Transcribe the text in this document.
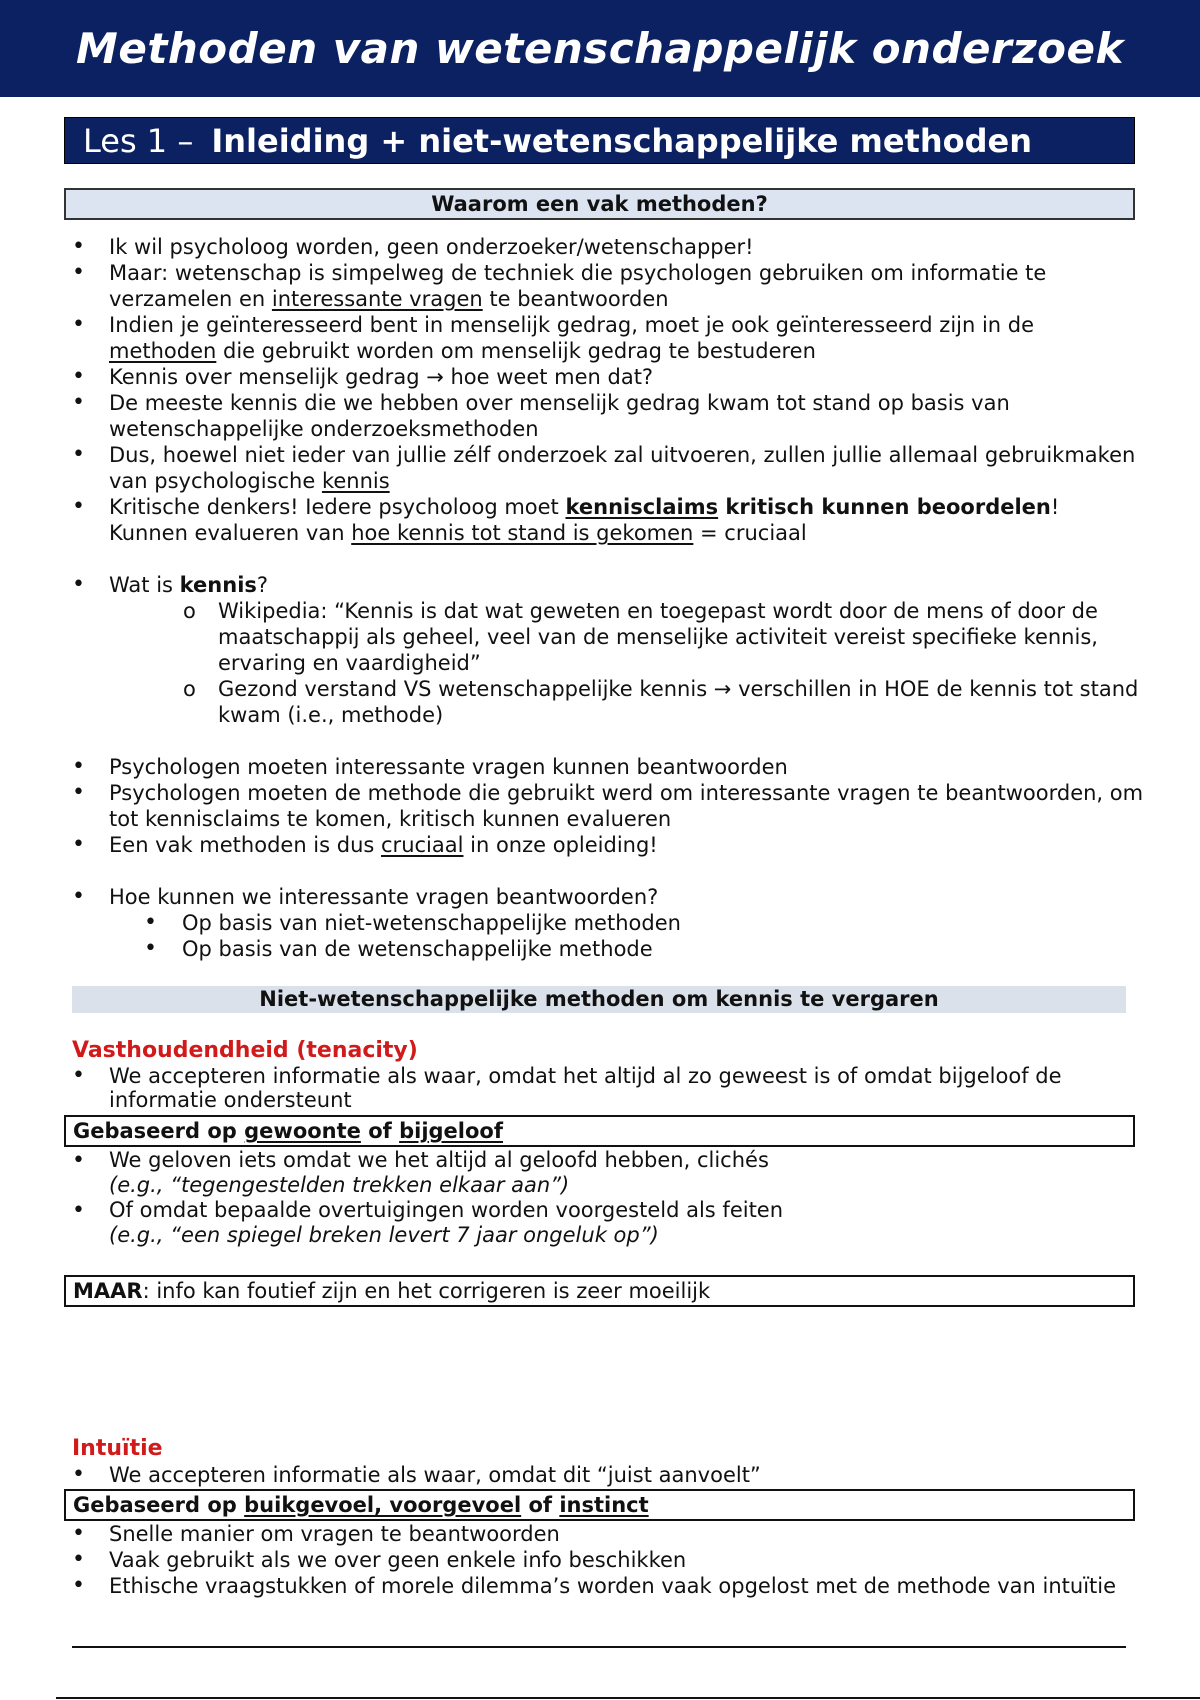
Methoden van wetenschappelijk onderzoek
Les 1 – Inleiding + niet-wetenschappelijke methoden
Waarom een vak methoden?
• Ik wil psycholoog worden, geen onderzoeker/wetenschapper!
• Maar: wetenschap is simpelweg de techniek die psychologen gebruiken om informatie te verzamelen en interessante vragen te beantwoorden
• Indien je geïnteresseerd bent in menselijk gedrag, moet je ook geïnteresseerd zijn in de methoden die gebruikt worden om menselijk gedrag te bestuderen
• Kennis over menselijk gedrag → hoe weet men dat?
• De meeste kennis die we hebben over menselijk gedrag kwam tot stand op basis van wetenschappelijke onderzoeksmethoden
• Dus, hoewel niet ieder van jullie zélf onderzoek zal uitvoeren, zullen jullie allemaal gebruikmaken van psychologische kennis
• Kritische denkers! Iedere psycholoog moet kennisclaims kritisch kunnen beoordelen!
Kunnen evalueren van hoe kennis tot stand is gekomen = cruciaal
• Wat is kennis?
o Wikipedia: “Kennis is dat wat geweten en toegepast wordt door de mens of door de maatschappij als geheel, veel van de menselijke activiteit vereist specifieke kennis, ervaring en vaardigheid”
o Gezond verstand VS wetenschappelijke kennis → verschillen in HOE de kennis tot stand kwam (i.e., methode)
• Psychologen moeten interessante vragen kunnen beantwoorden
• Psychologen moeten de methode die gebruikt werd om interessante vragen te beantwoorden, om tot kennisclaims te komen, kritisch kunnen evalueren
• Een vak methoden is dus cruciaal in onze opleiding!
• Hoe kunnen we interessante vragen beantwoorden?
• Op basis van niet-wetenschappelijke methoden
• Op basis van de wetenschappelijke methode
Niet-wetenschappelijke methoden om kennis te vergaren
Vasthoudendheid (tenacity)
• We accepteren informatie als waar, omdat het altijd al zo geweest is of omdat bijgeloof de informatie ondersteunt
Gebaseerd op gewoonte of bijgeloof
• We geloven iets omdat we het altijd al geloofd hebben, clichés
(e.g., “tegengestelden trekken elkaar aan”)
• Of omdat bepaalde overtuigingen worden voorgesteld als feiten
(e.g., “een spiegel breken levert 7 jaar ongeluk op”)
MAAR: info kan foutief zijn en het corrigeren is zeer moeilijk
Intuïtie
• We accepteren informatie als waar, omdat dit “juist aanvoelt”
Gebaseerd op buikgevoel, voorgevoel of instinct
• Snelle manier om vragen te beantwoorden
• Vaak gebruikt als we over geen enkele info beschikken
• Ethische vraagstukken of morele dilemma’s worden vaak opgelost met de methode van intuïtie
